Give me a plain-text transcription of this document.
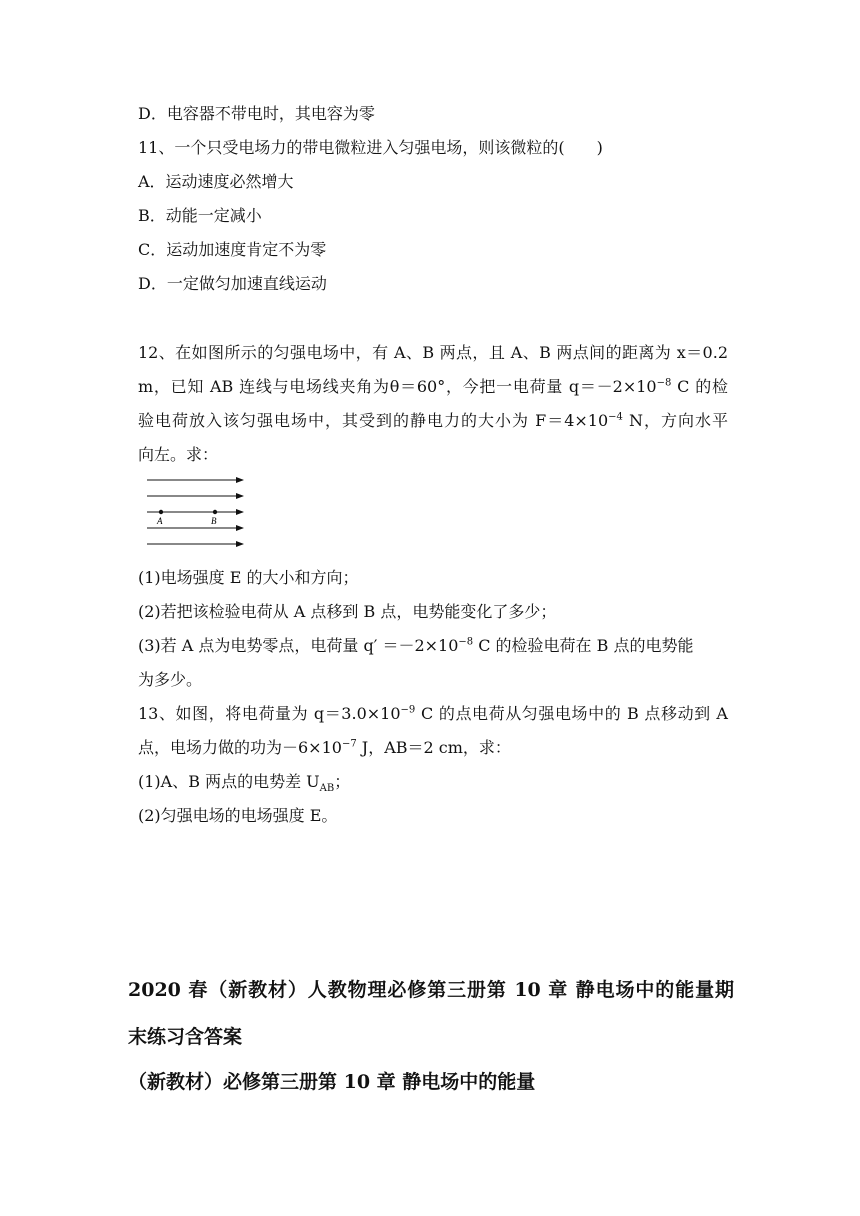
D．电容器不带电时，其电容为零
11、一个只受电场力的带电微粒进入匀强电场，则该微粒的(　　)
A．运动速度必然增大
B．动能一定减小
C．运动加速度肯定不为零
D．一定做匀加速直线运动
12、在如图所示的匀强电场中，有 A、B 两点，且 A、B 两点间的距离为 x＝0.2
m，已知 AB 连线与电场线夹角为θ＝60°，今把一电荷量 $q=-2\times 10^{-8}$ C 的检
验电荷放入该匀强电场中，其受到的静电力的大小为 $F=4\times 10^{-4}$ N，方向水平
向左。求：
A	B
(1)电场强度 E 的大小和方向；
(2)若把该检验电荷从 A 点移到 B 点，电势能变化了多少；
(3)若 A 点为电势零点，电荷量 $q' =-2\times 10^{-8}$ C 的检验电荷在 B 点的电势能
为多少。
13、如图，将电荷量为 $q=3.0\times 10^{-9}$ C 的点电荷从匀强电场中的 B 点移动到 A
点，电场力做的功为$-6\times 10^{-7}$ J，AB＝2 cm，求：
(1)A、B 两点的电势差 $U_{AB}$；
(2)匀强电场的电场强度 E。
2020 春（新教材）人教物理必修第三册第 10 章 静电场中的能量期
末练习含答案
（新教材）必修第三册第 10 章 静电场中的能量
